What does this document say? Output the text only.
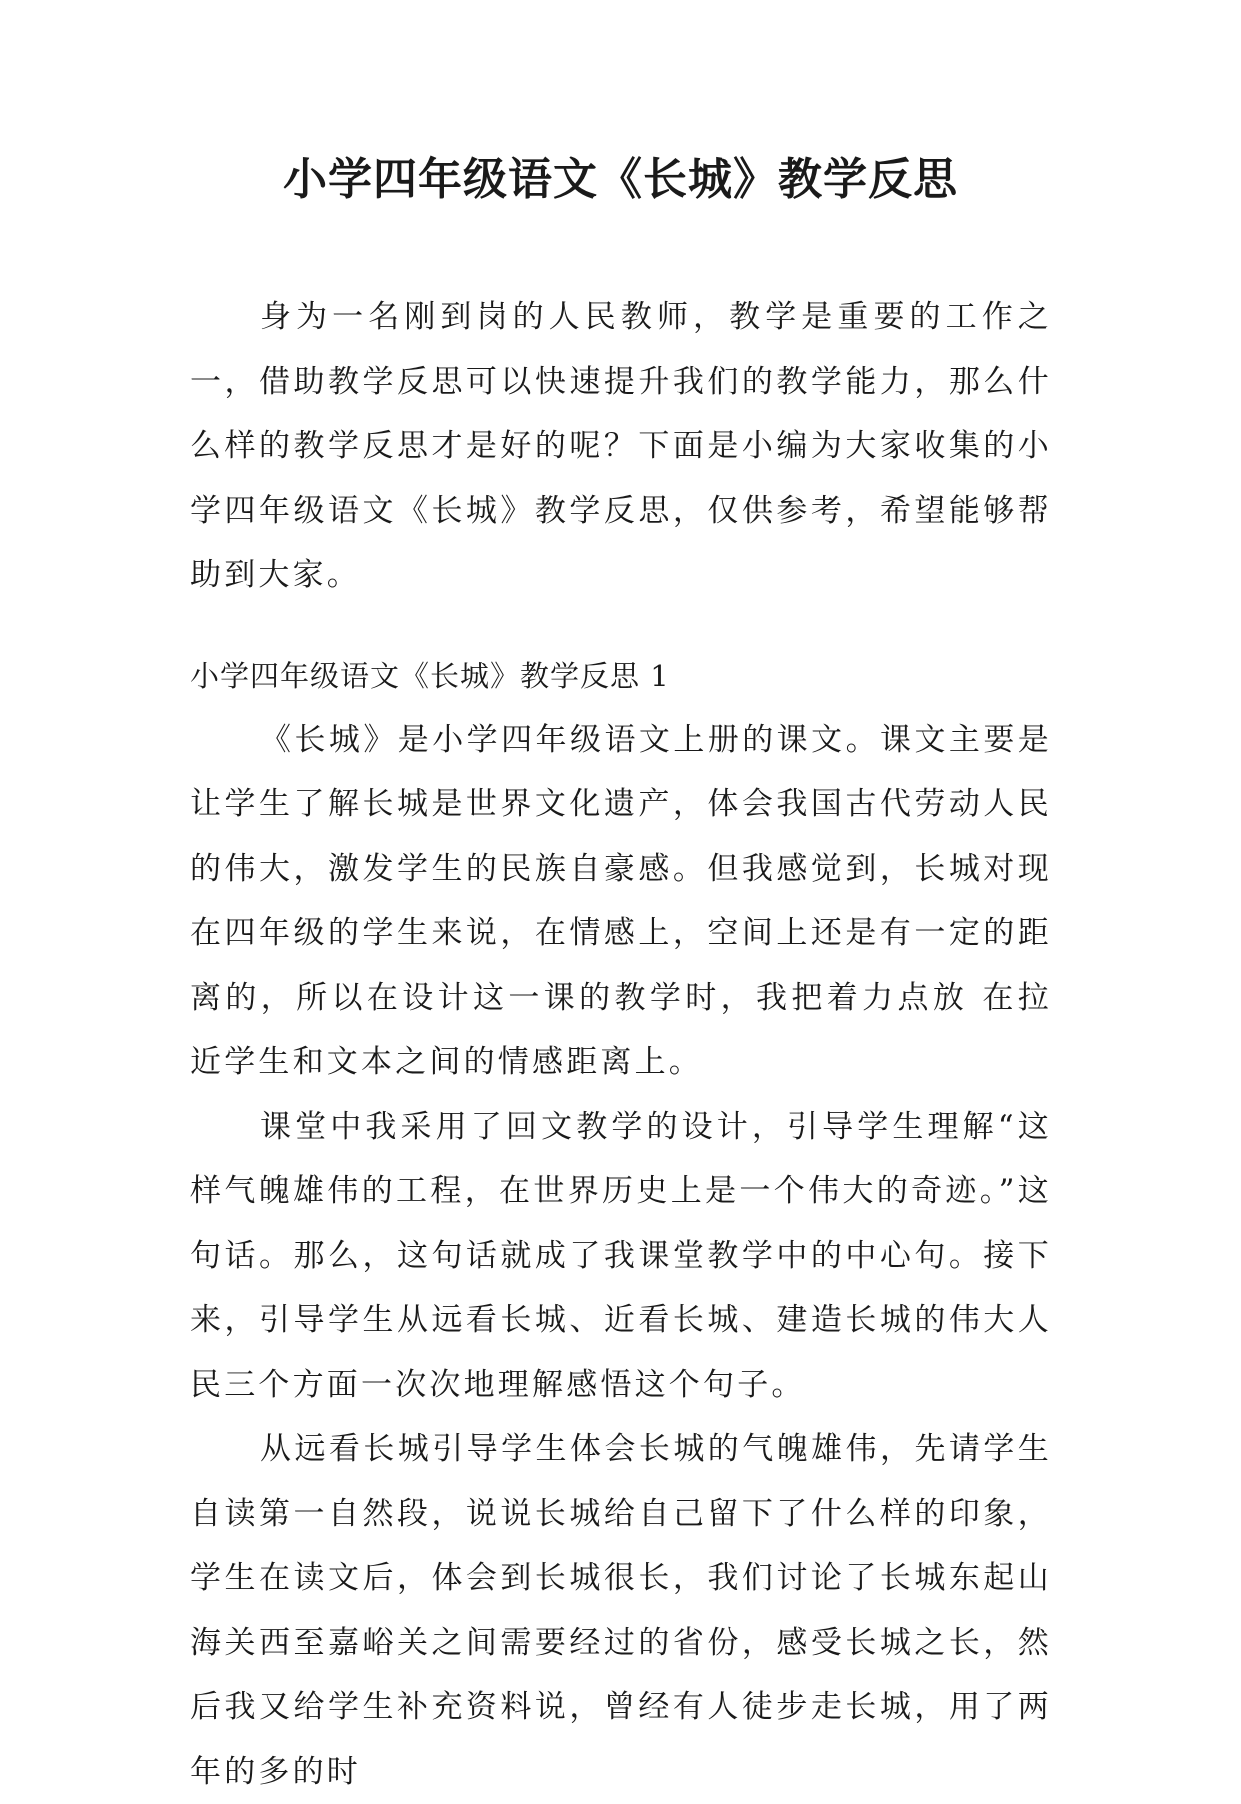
小学四年级语文《长城》教学反思

身为一名刚到岗的人民教师，教学是重要的工作之一，借助教学反思可以快速提升我们的教学能力，那么什么样的教学反思才是好的呢？下面是小编为大家收集的小学四年级语文《长城》教学反思，仅供参考，希望能够帮助到大家。

小学四年级语文《长城》教学反思 1

《长城》是小学四年级语文上册的课文。课文主要是让学生了解长城是世界文化遗产，体会我国古代劳动人民的伟大，激发学生的民族自豪感。但我感觉到，长城对现在四年级的学生来说，在情感上，空间上还是有一定的距离的，所以在设计这一课的教学时，我把着力点放 在拉近学生和文本之间的情感距离上。

课堂中我采用了回文教学的设计，引导学生理解“这样气魄雄伟的工程，在世界历史上是一个伟大的奇迹。”这句话。那么，这句话就成了我课堂教学中的中心句。接下来，引导学生从远看长城、近看长城、建造长城的伟大人民三个方面一次次地理解感悟这个句子。

从远看长城引导学生体会长城的气魄雄伟，先请学生自读第一自然段，说说长城给自己留下了什么样的印象，学生在读文后，体会到长城很长，我们讨论了长城东起山海关西至嘉峪关之间需要经过的省份，感受长城之长，然后我又给学生补充资料说，曾经有人徒步走长城，用了两年的多的时
